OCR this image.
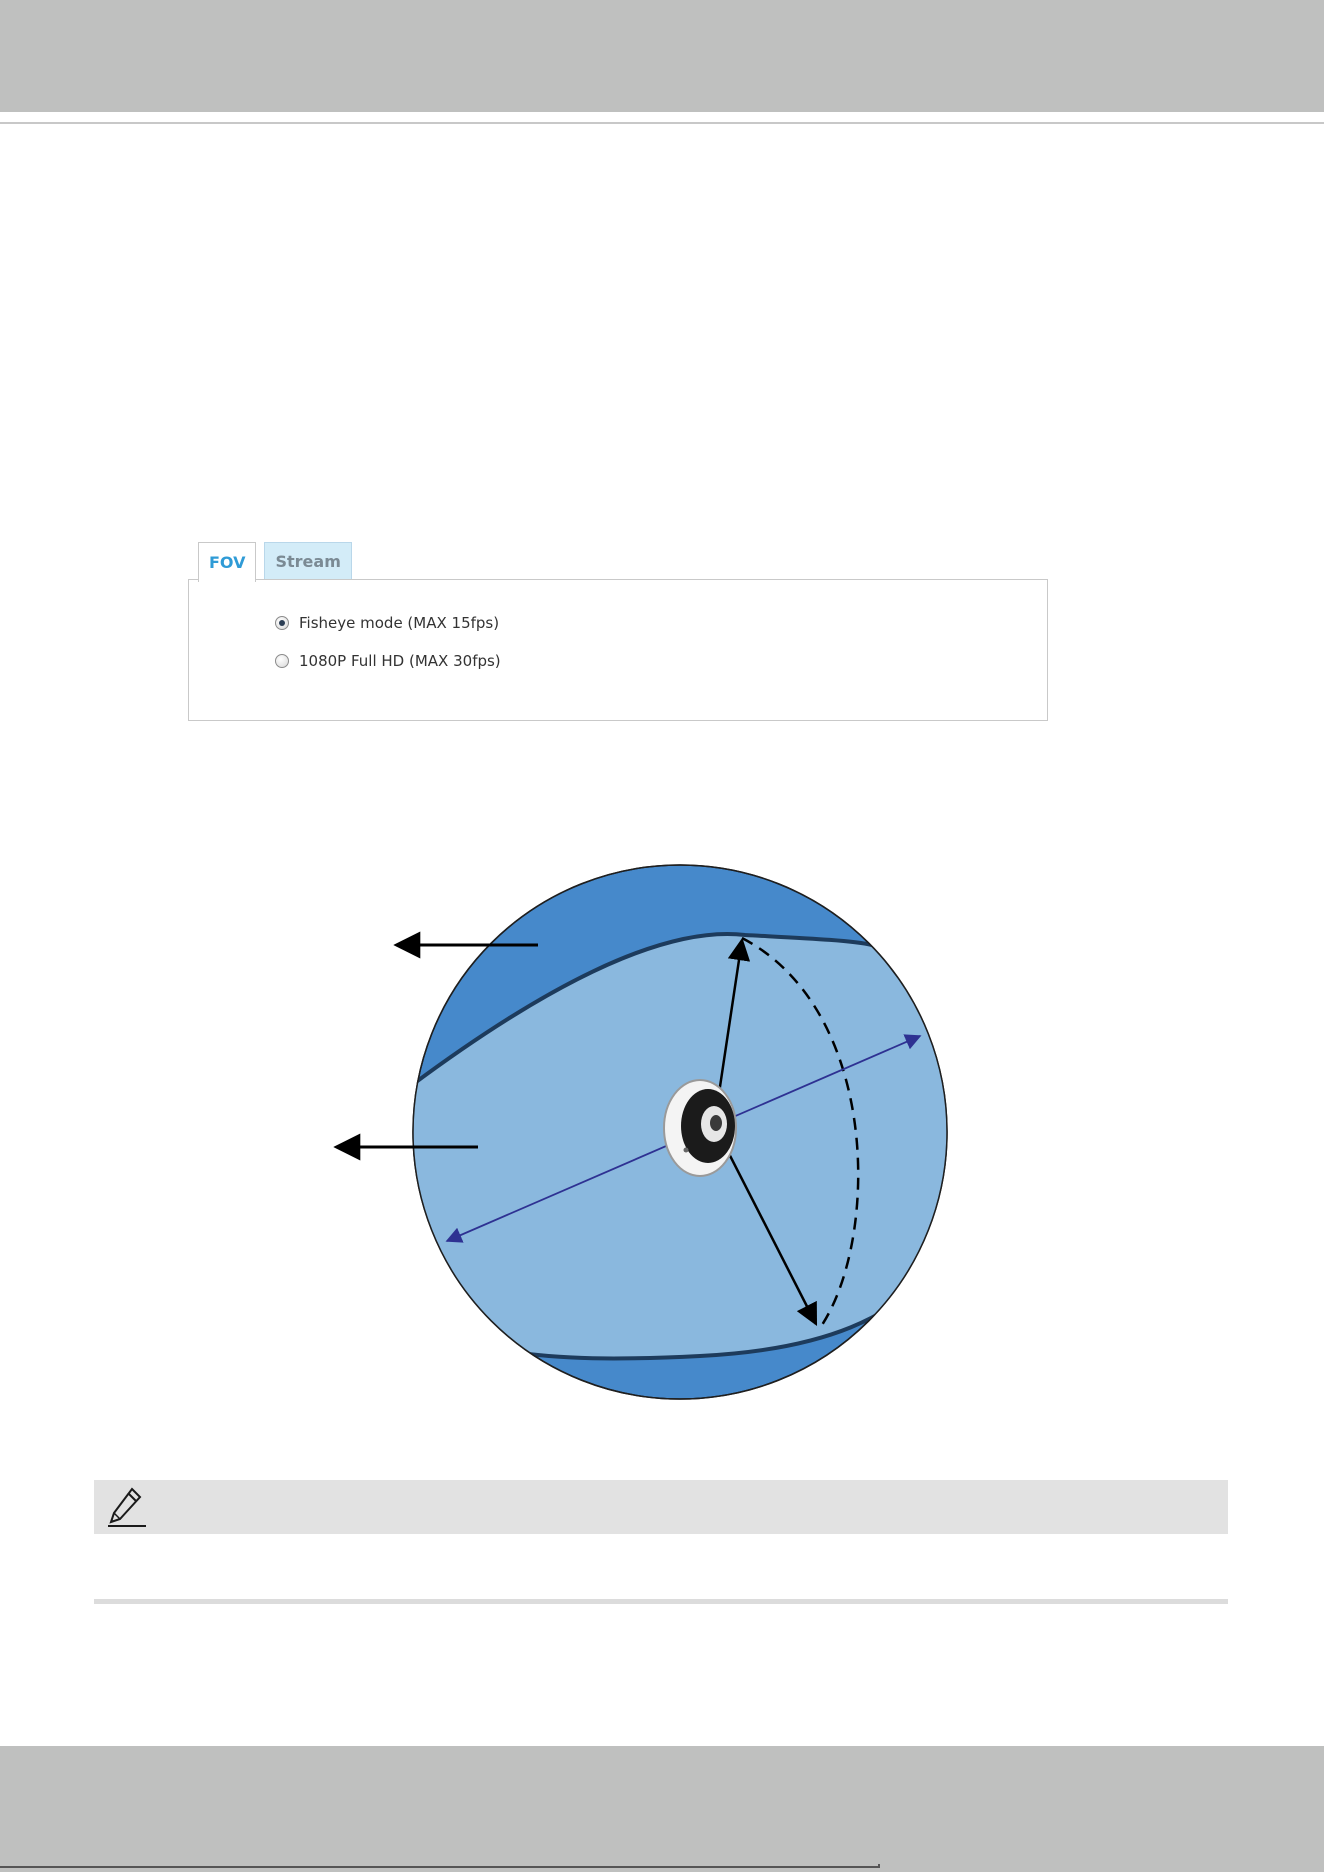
FOV	Stream
Fisheye mode (MAX 15fps)
1080P Full HD (MAX 30fps)
